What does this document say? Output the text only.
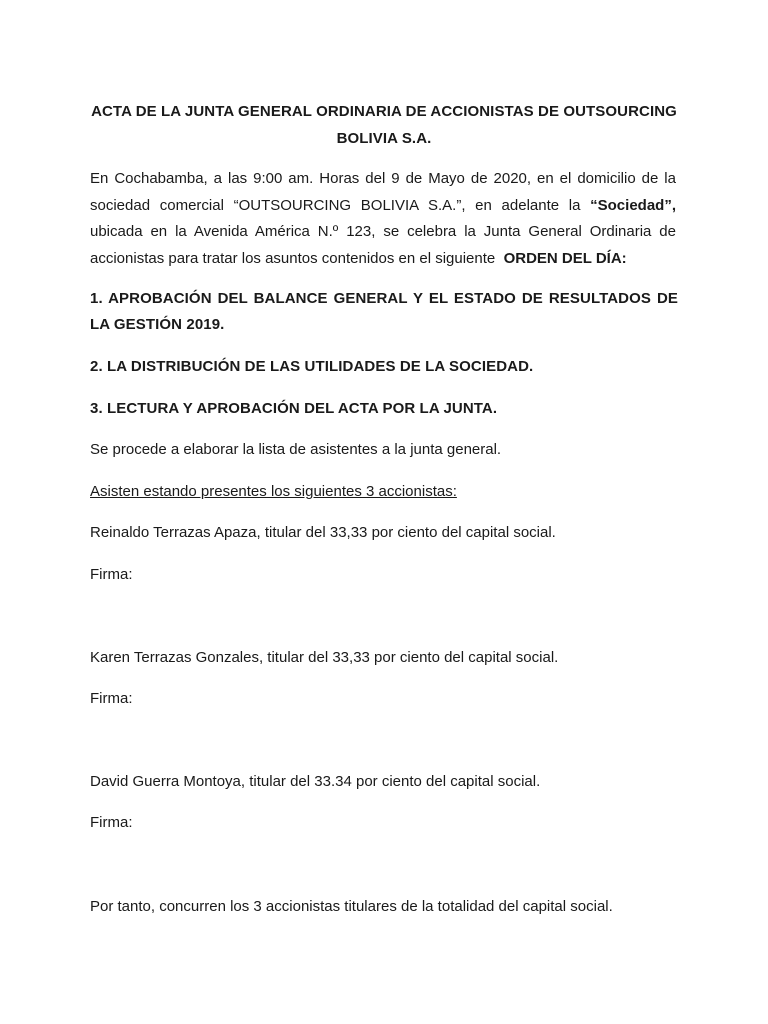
ACTA DE LA JUNTA GENERAL ORDINARIA DE ACCIONISTAS DE OUTSOURCING BOLIVIA S.A.
En Cochabamba, a las 9:00 am. Horas del 9 de Mayo de 2020, en el domicilio de la sociedad comercial “OUTSOURCING BOLIVIA S.A.”, en adelante la “Sociedad”, ubicada en la Avenida América N.º 123, se celebra la Junta General Ordinaria de accionistas para tratar los asuntos contenidos en el siguiente  ORDEN DEL DÍA:
1. APROBACIÓN DEL BALANCE GENERAL Y EL ESTADO DE RESULTADOS DE LA GESTIÓN 2019.
2. LA DISTRIBUCIÓN DE LAS UTILIDADES DE LA SOCIEDAD.
3. LECTURA Y APROBACIÓN DEL ACTA POR LA JUNTA.
Se procede a elaborar la lista de asistentes a la junta general.
Asisten estando presentes los siguientes 3 accionistas:
Reinaldo Terrazas Apaza, titular del 33,33 por ciento del capital social.
Firma:
Karen Terrazas Gonzales, titular del 33,33 por ciento del capital social.
Firma:
David Guerra Montoya, titular del 33.34 por ciento del capital social.
Firma:
Por tanto, concurren los 3 accionistas titulares de la totalidad del capital social.
